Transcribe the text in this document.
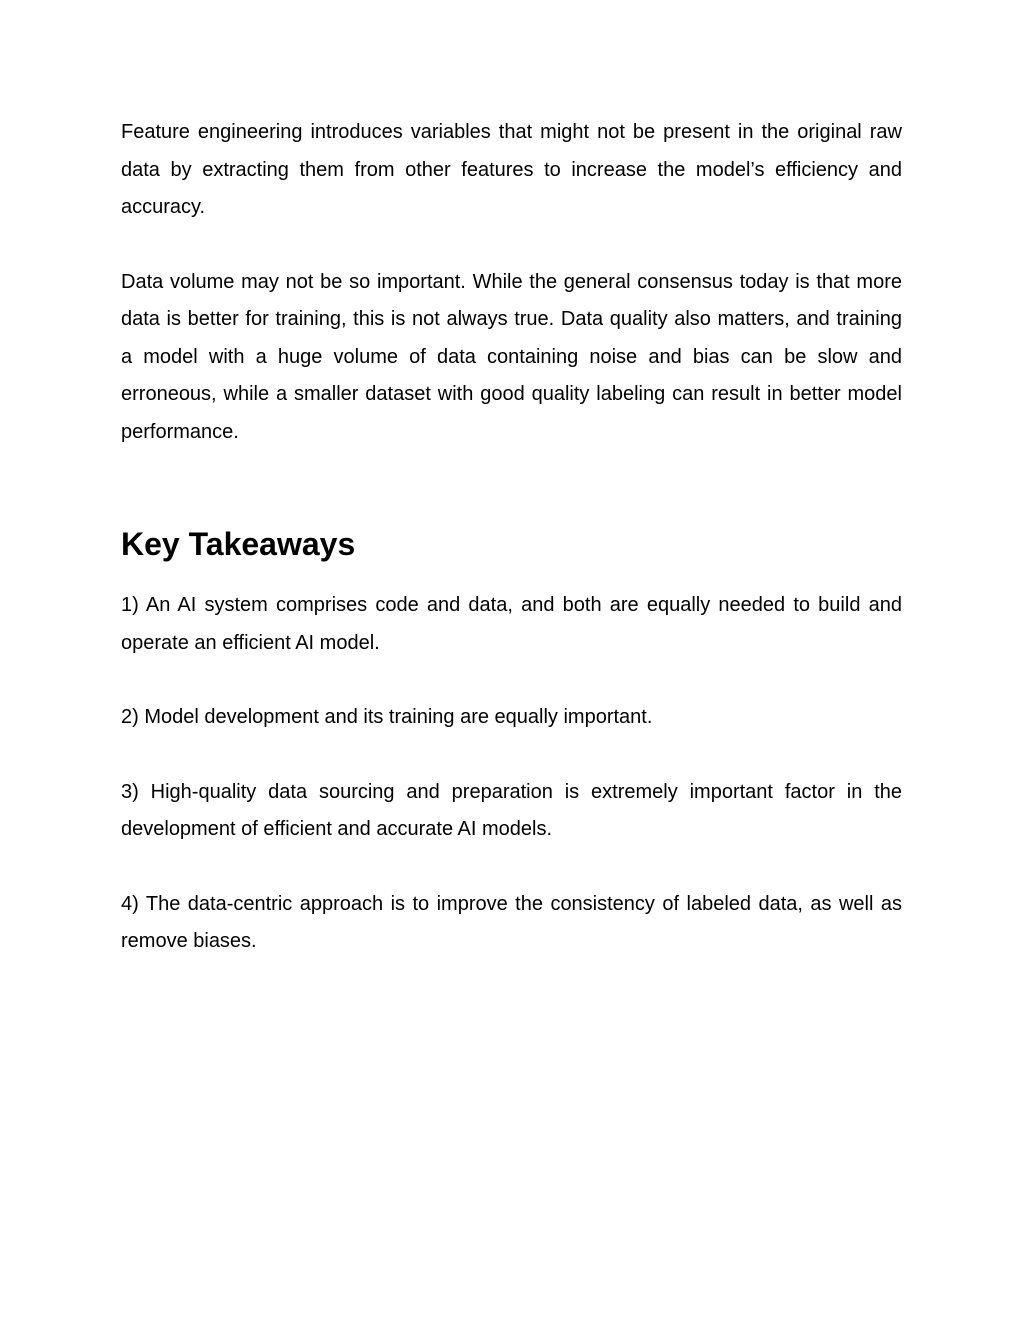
Feature engineering introduces variables that might not be present in the original raw data by extracting them from other features to increase the model’s efficiency and accuracy.

Data volume may not be so important. While the general consensus today is that more data is better for training, this is not always true. Data quality also matters, and training a model with a huge volume of data containing noise and bias can be slow and erroneous, while a smaller dataset with good quality labeling can result in better model performance.

Key Takeaways

1) An AI system comprises code and data, and both are equally needed to build and operate an efficient AI model.

2) Model development and its training are equally important.

3) High-quality data sourcing and preparation is extremely important factor in the development of efficient and accurate AI models.

4) The data-centric approach is to improve the consistency of labeled data, as well as remove biases.
